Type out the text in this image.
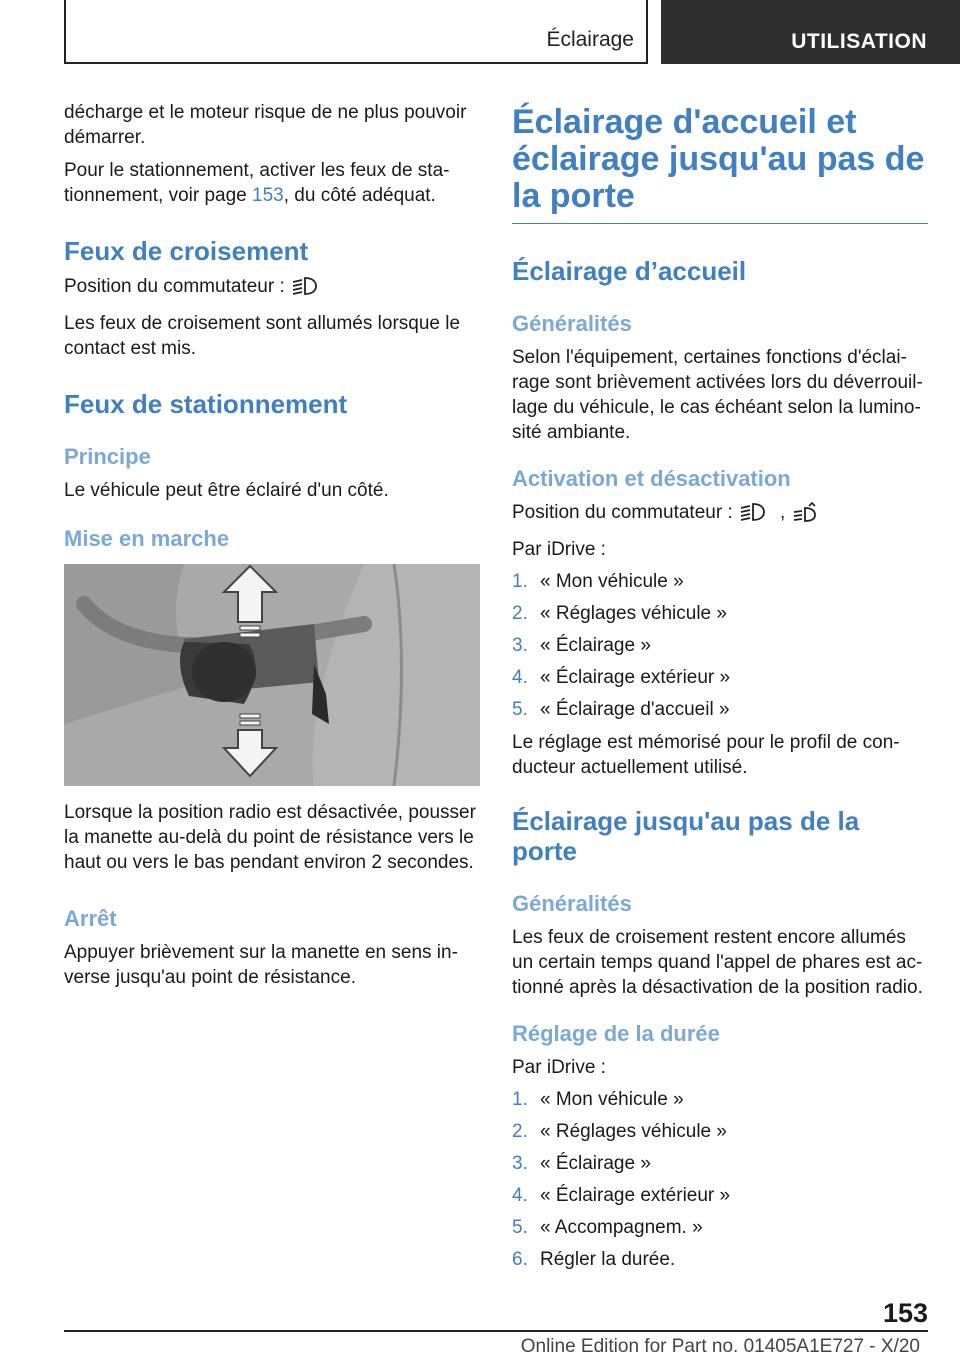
Éclairage	UTILISATION

décharge et le moteur risque de ne plus pouvoir démarrer.

Pour le stationnement, activer les feux de stationnement, voir page 153, du côté adéquat.

Feux de croisement

Position du commutateur :

Les feux de croisement sont allumés lorsque le contact est mis.

Feux de stationnement
Principe

Le véhicule peut être éclairé d'un côté.

Mise en marche

Lorsque la position radio est désactivée, pousser la manette au-delà du point de résistance vers le haut ou vers le bas pendant environ 2 secondes.

Arrêt

Appuyer brièvement sur la manette en sens inverse jusqu'au point de résistance.

Éclairage d'accueil et éclairage jusqu'au pas de la porte
Éclairage d’accueil
Généralités

Selon l'équipement, certaines fonctions d'éclairage sont brièvement activées lors du déverrouillage du véhicule, le cas échéant selon la luminosité ambiante.

Activation et désactivation

Position du commutateur : ,

Par iDrive :

1. « Mon véhicule »
2. « Réglages véhicule »
3. « Éclairage »
4. « Éclairage extérieur »
5. « Éclairage d'accueil »

Le réglage est mémorisé pour le profil de conducteur actuellement utilisé.

Éclairage jusqu'au pas de la porte
Généralités

Les feux de croisement restent encore allumés un certain temps quand l'appel de phares est actionné après la désactivation de la position radio.

Réglage de la durée

Par iDrive :

1. « Mon véhicule »
2. « Réglages véhicule »
3. « Éclairage »
4. « Éclairage extérieur »
5. « Accompagnem. »
6. Régler la durée.
153
Online Edition for Part no. 01405A1E727 - X/20
